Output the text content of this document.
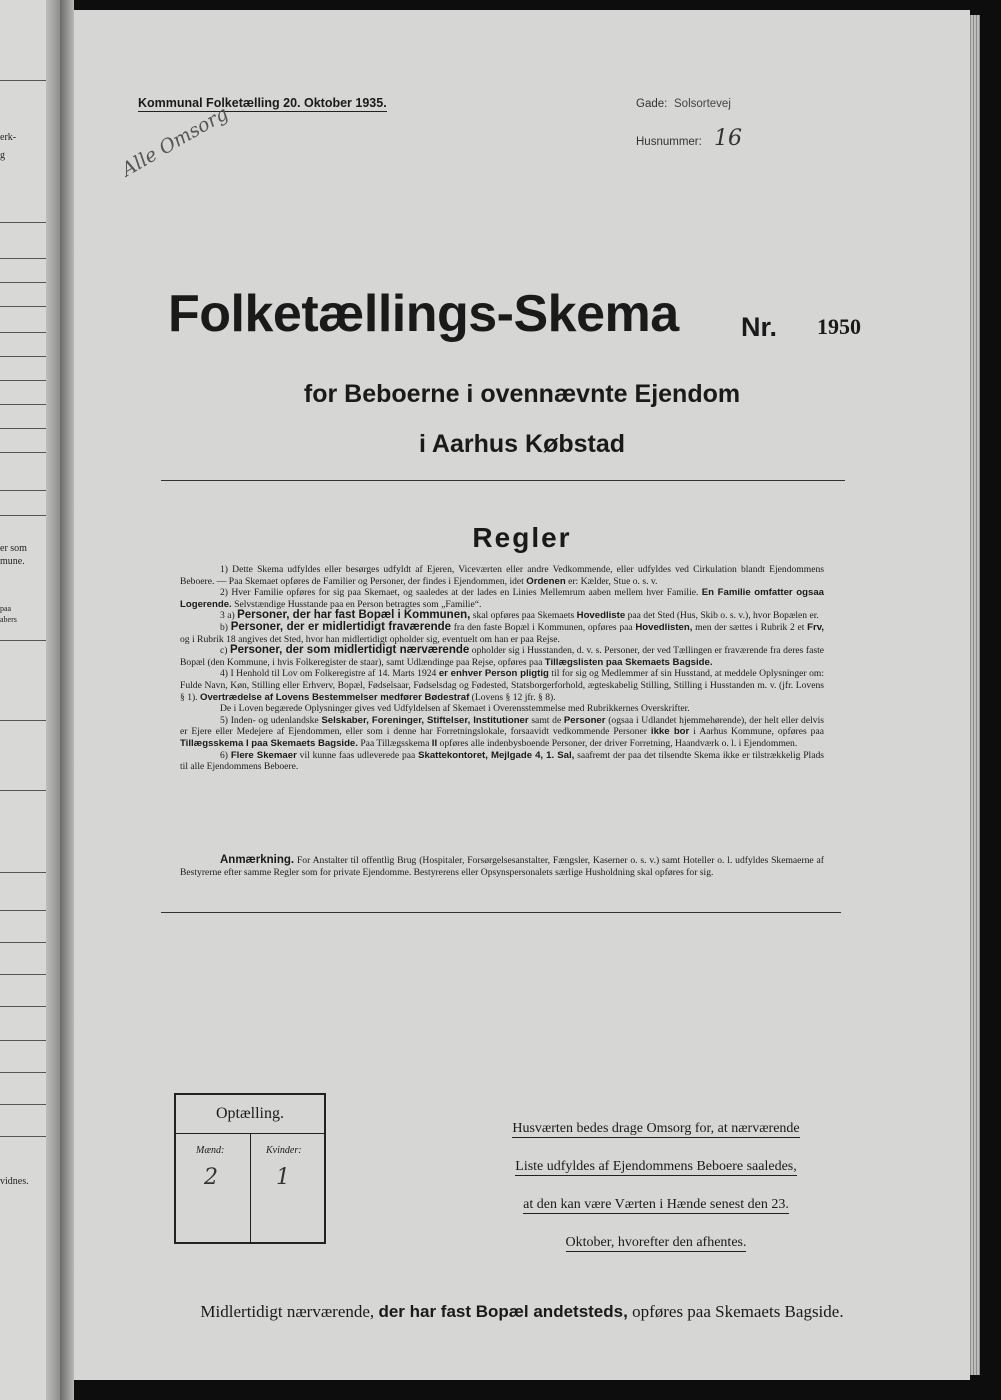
erk-
g
er som
mune.
paa
abers
vidnes.
Kommunal Folketælling 20. Oktober 1935.	Gade: Solsortevej
Husnummer: 16
Alle Omsorg
Folketællings-Skema Nr. 1950
for Beboerne i ovennævnte Ejendom
i Aarhus Købstad
Regler

1) Dette Skema udfyldes eller besørges udfyldt af Ejeren, Viceværten eller andre Vedkommende, eller udfyldes ved Cirkulation blandt Ejendommens Beboere. — Paa Skemaet opføres de Familier og Personer, der findes i Ejendommen, idet Ordenen er: Kælder, Stue o. s. v.

2) Hver Familie opføres for sig paa Skemaet, og saaledes at der lades en Linies Mellemrum aaben mellem hver Familie. En Familie omfatter ogsaa Logerende. Selvstændige Husstande paa en Person betragtes som „Familie“.

3 a) Personer, der har fast Bopæl i Kommunen, skal opføres paa Skemaets Hovedliste paa det Sted (Hus, Skib o. s. v.), hvor Bopælen er.

b) Personer, der er midlertidigt fraværende fra den faste Bopæl i Kommunen, opføres paa Hovedlisten, men der sættes i Rubrik 2 et Frv, og i Rubrik 18 angives det Sted, hvor han midlertidigt opholder sig, eventuelt om han er paa Rejse.

c) Personer, der som midlertidigt nærværende opholder sig i Husstanden, d. v. s. Personer, der ved Tællingen er fraværende fra deres faste Bopæl (den Kommune, i hvis Folkeregister de staar), samt Udlændinge paa Rejse, opføres paa Tillægslisten paa Skemaets Bagside.

4) I Henhold til Lov om Folkeregistre af 14. Marts 1924 er enhver Person pligtig til for sig og Medlemmer af sin Husstand, at meddele Oplysninger om: Fulde Navn, Køn, Stilling eller Erhverv, Bopæl, Fødselsaar, Fødselsdag og Fødested, Statsborgerforhold, ægteskabelig Stilling, Stilling i Husstanden m. v. (jfr. Lovens § 1). Overtrædelse af Lovens Bestemmelser medfører Bødestraf (Lovens § 12 jfr. § 8).

De i Loven begærede Oplysninger gives ved Udfyldelsen af Skemaet i Overensstemmelse med Rubrikkernes Overskrifter.

5) Inden- og udenlandske Selskaber, Foreninger, Stiftelser, Institutioner samt de Personer (ogsaa i Udlandet hjemmehørende), der helt eller delvis er Ejere eller Medejere af Ejendommen, eller som i denne har Forretningslokale, forsaavidt vedkommende Personer ikke bor i Aarhus Kommune, opføres paa Tillægsskema I paa Skemaets Bagside. Paa Tillægsskema II opføres alle indenbysboende Personer, der driver Forretning, Haandværk o. l. i Ejendommen.

6) Flere Skemaer vil kunne faas udleverede paa Skattekontoret, Mejlgade 4, 1. Sal, saafremt der paa det tilsendte Skema ikke er tilstrækkelig Plads til alle Ejendommens Beboere.

Anmærkning. For Anstalter til offentlig Brug (Hospitaler, Forsørgelsesanstalter, Fængsler, Kaserner o. s. v.) samt Hoteller o. l. udfyldes Skemaerne af Bestyrerne efter samme Regler som for private Ejendomme. Bestyrerens eller Opsynspersonalets særlige Husholdning skal opføres for sig.

Optælling.
Mænd:	Kvinder:
2	1
Husværten bedes drage Omsorg for, at nærværende
Liste udfyldes af Ejendommens Beboere saaledes,
at den kan være Værten i Hænde senest den 23.
Oktober, hvorefter den afhentes.
Midlertidigt nærværende, der har fast Bopæl andetsteds, opføres paa Skemaets Bagside.
